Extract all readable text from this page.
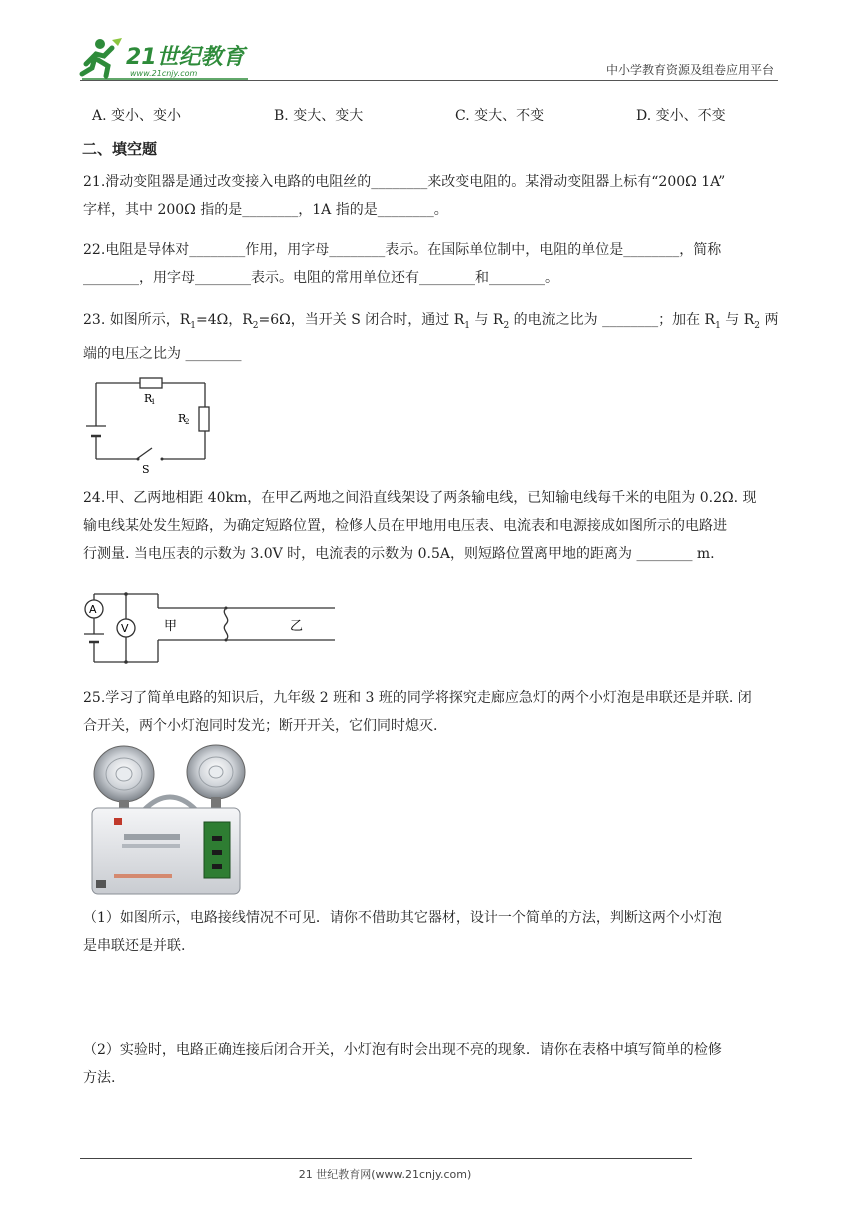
21世纪教育
www.21cnjy.com	中小学教育资源及组卷应用平台
A. 变小、变小	B. 变大、变大	C. 变大、不变	D. 变小、不变
二、填空题

21.滑动变阻器是通过改变接入电路的电阻丝的________来改变电阻的。某滑动变阻器上标有“200Ω 1A”

字样，其中 200Ω 指的是________，1A 指的是________。

22.电阻是导体对________作用，用字母________表示。在国际单位制中，电阻的单位是________，简称

________，用字母________表示。电阻的常用单位还有________和________。

23. 如图所示，$R_1=4\Omega$，$R_2=6\Omega$，当开关 S 闭合时，通过 $R_1$ 与 $R_2$ 的电流之比为 ________；加在 $R_1$ 与 $R_2$ 两

端的电压之比为 ________

R
1
R
2
S

24.甲、乙两地相距 40km，在甲乙两地之间沿直线架设了两条输电线，已知输电线每千米的电阻为 0.2Ω. 现

输电线某处发生短路，为确定短路位置，检修人员在甲地用电压表、电流表和电源接成如图所示的电路进

行测量. 当电压表的示数为 3.0V 时，电流表的示数为 0.5A，则短路位置离甲地的距离为 ________ m.

A
V	甲	乙

25.学习了简单电路的知识后，九年级 2 班和 3 班的同学将探究走廊应急灯的两个小灯泡是串联还是并联. 闭

合开关，两个小灯泡同时发光；断开开关，它们同时熄灭.

（1）如图所示，电路接线情况不可见．请你不借助其它器材，设计一个简单的方法，判断这两个小灯泡

是串联还是并联.

（2）实验时，电路正确连接后闭合开关，小灯泡有时会出现不亮的现象．请你在表格中填写简单的检修

方法.

21 世纪教育网(www.21cnjy.com)
